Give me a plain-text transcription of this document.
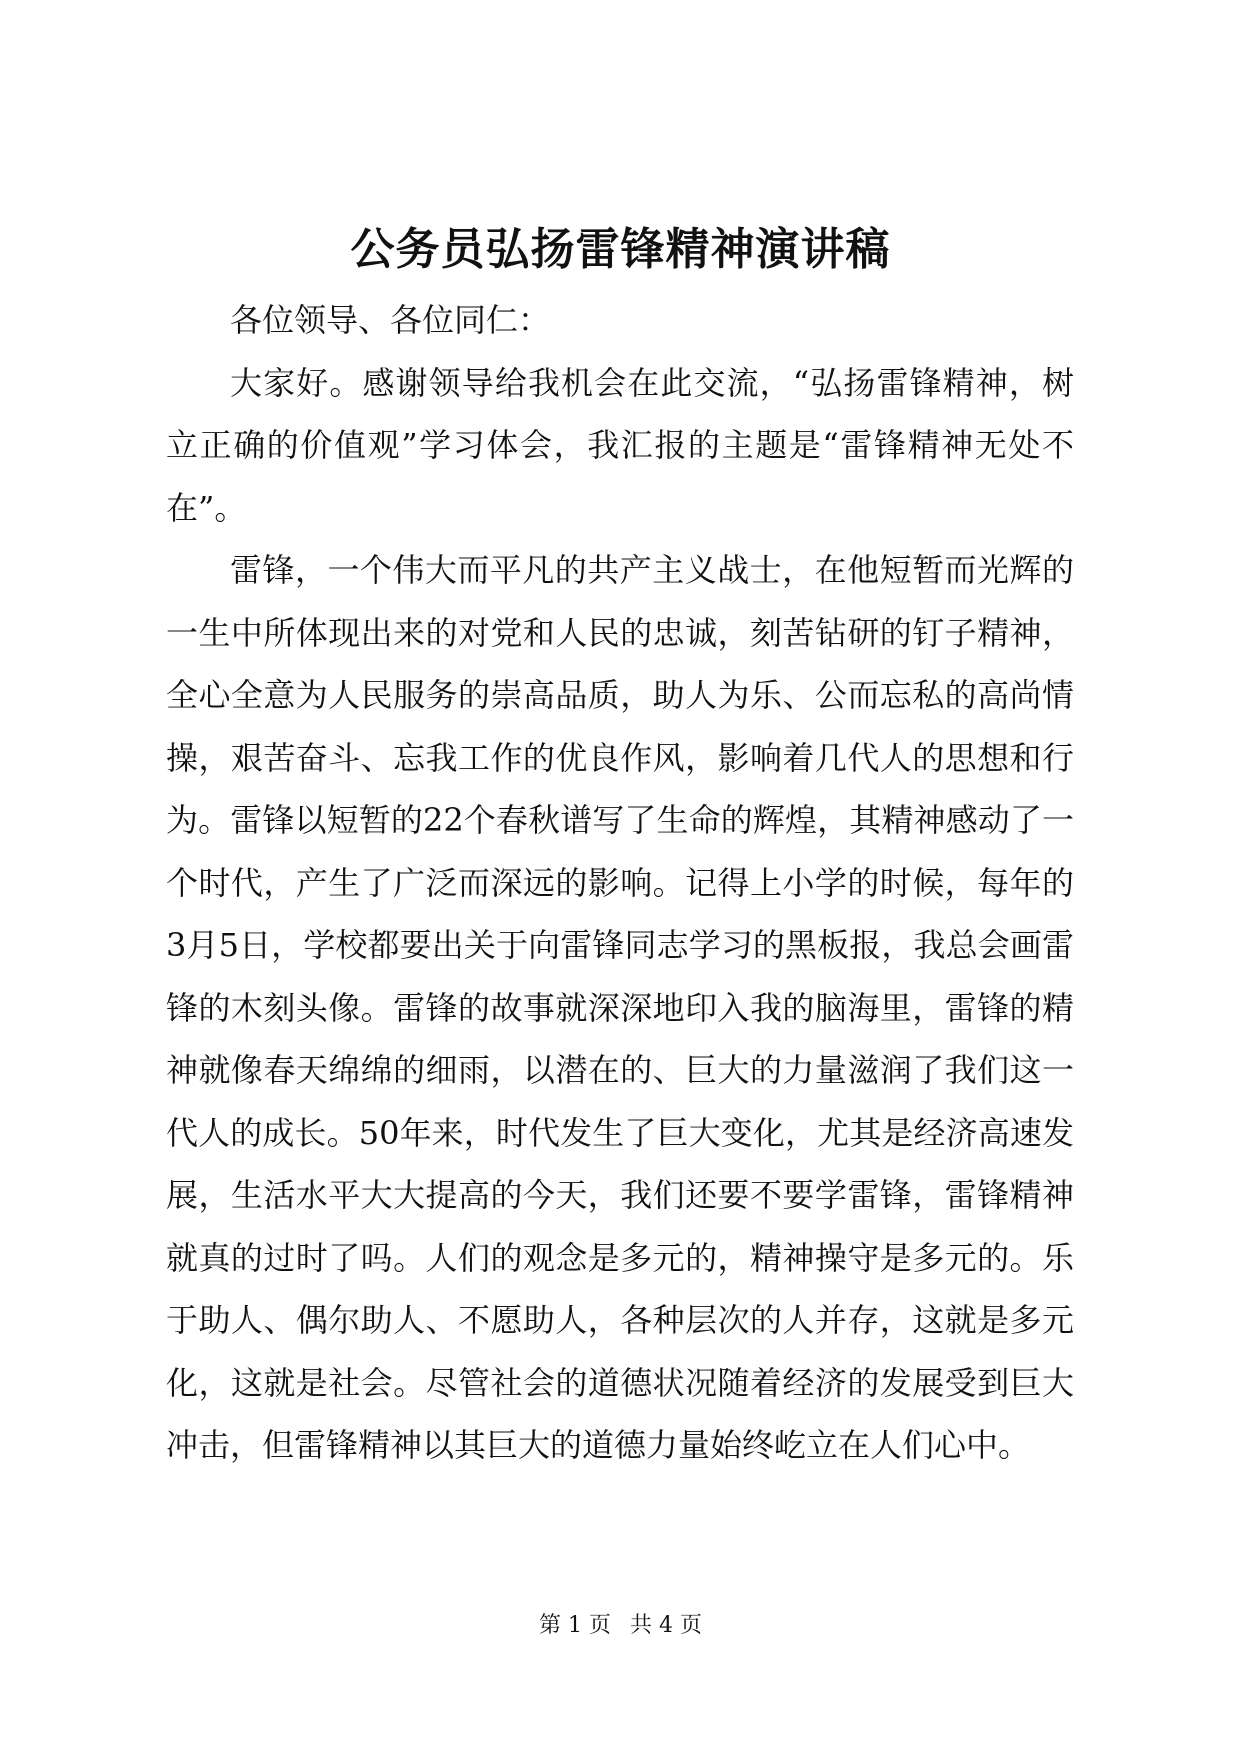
公务员弘扬雷锋精神演讲稿

各位领导、各位同仁：

大家好。感谢领导给我机会在此交流，“弘扬雷锋精神，树立正确的价值观”学习体会，我汇报的主题是“雷锋精神无处不在”。

雷锋，一个伟大而平凡的共产主义战士，在他短暂而光辉的一生中所体现出来的对党和人民的忠诚，刻苦钻研的钉子精神，全心全意为人民服务的崇高品质，助人为乐、公而忘私的高尚情操，艰苦奋斗、忘我工作的优良作风，影响着几代人的思想和行为。雷锋以短暂的22个春秋谱写了生命的辉煌，其精神感动了一个时代，产生了广泛而深远的影响。记得上小学的时候，每年的3月5日，学校都要出关于向雷锋同志学习的黑板报，我总会画雷锋的木刻头像。雷锋的故事就深深地印入我的脑海里，雷锋的精神就像春天绵绵的细雨，以潜在的、巨大的力量滋润了我们这一代人的成长。50年来，时代发生了巨大变化，尤其是经济高速发展，生活水平大大提高的今天，我们还要不要学雷锋，雷锋精神就真的过时了吗。人们的观念是多元的，精神操守是多元的。乐于助人、偶尔助人、不愿助人，各种层次的人并存，这就是多元化，这就是社会。尽管社会的道德状况随着经济的发展受到巨大冲击，但雷锋精神以其巨大的道德力量始终屹立在人们心中。

第 1 页 共 4 页
